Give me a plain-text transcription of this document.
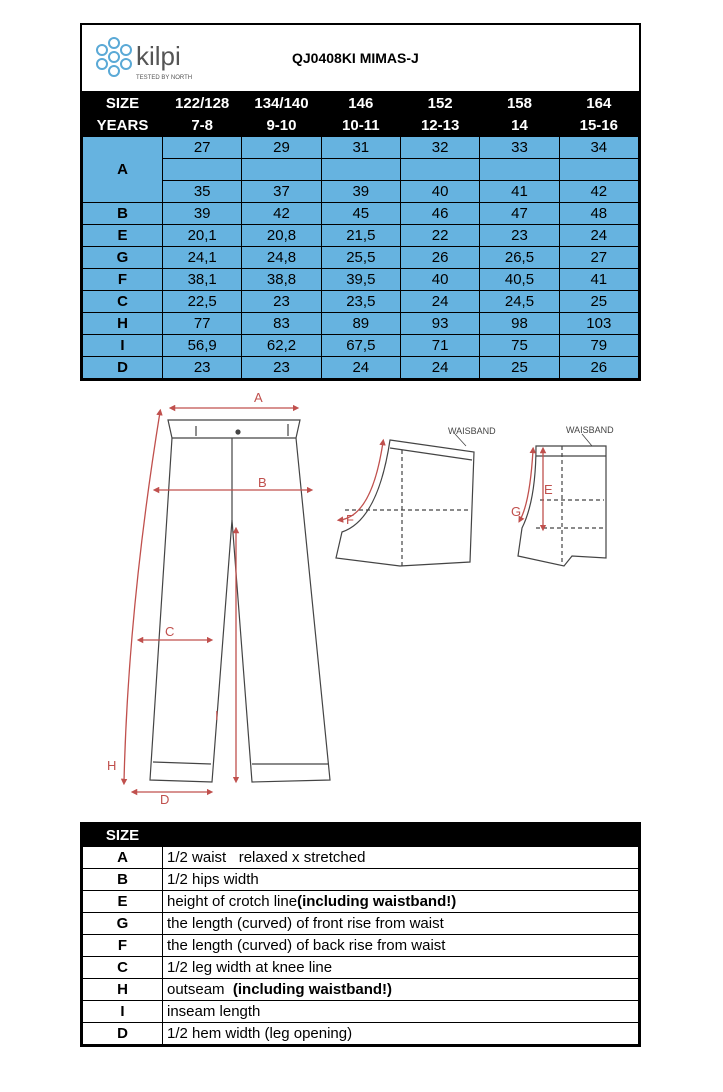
kilpi
TESTED BY NORTH
QJ0408KI MIMAS-J
SIZE	122/128	134/140	146	152	158	164
YEARS	7-8	9-10	10-11	12-13	14	15-16
	27	29	31	32	33	34
A						
	35	37	39	40	41	42
B	39	42	45	46	47	48
E	20,1	20,8	21,5	22	23	24
G	24,1	24,8	25,5	26	26,5	27
F	38,1	38,8	39,5	40	40,5	41
C	22,5	23	23,5	24	24,5	25
H	77	83	89	93	98	103
I	56,9	62,2	67,5	71	75	79
D	23	23	24	24	25	26
A
B
C
D
H
I
WAISBAND
F
WAISBAND
E
G
SIZE	
A	1/2 waist   relaxed x stretched
B	1/2 hips width
E	height of crotch line(including waistband!)
G	the length (curved) of front rise from waist
F	the length (curved) of back rise from waist
C	1/2 leg width at knee line
H	outseam  (including waistband!)
I	inseam length
D	1/2 hem width (leg opening)
